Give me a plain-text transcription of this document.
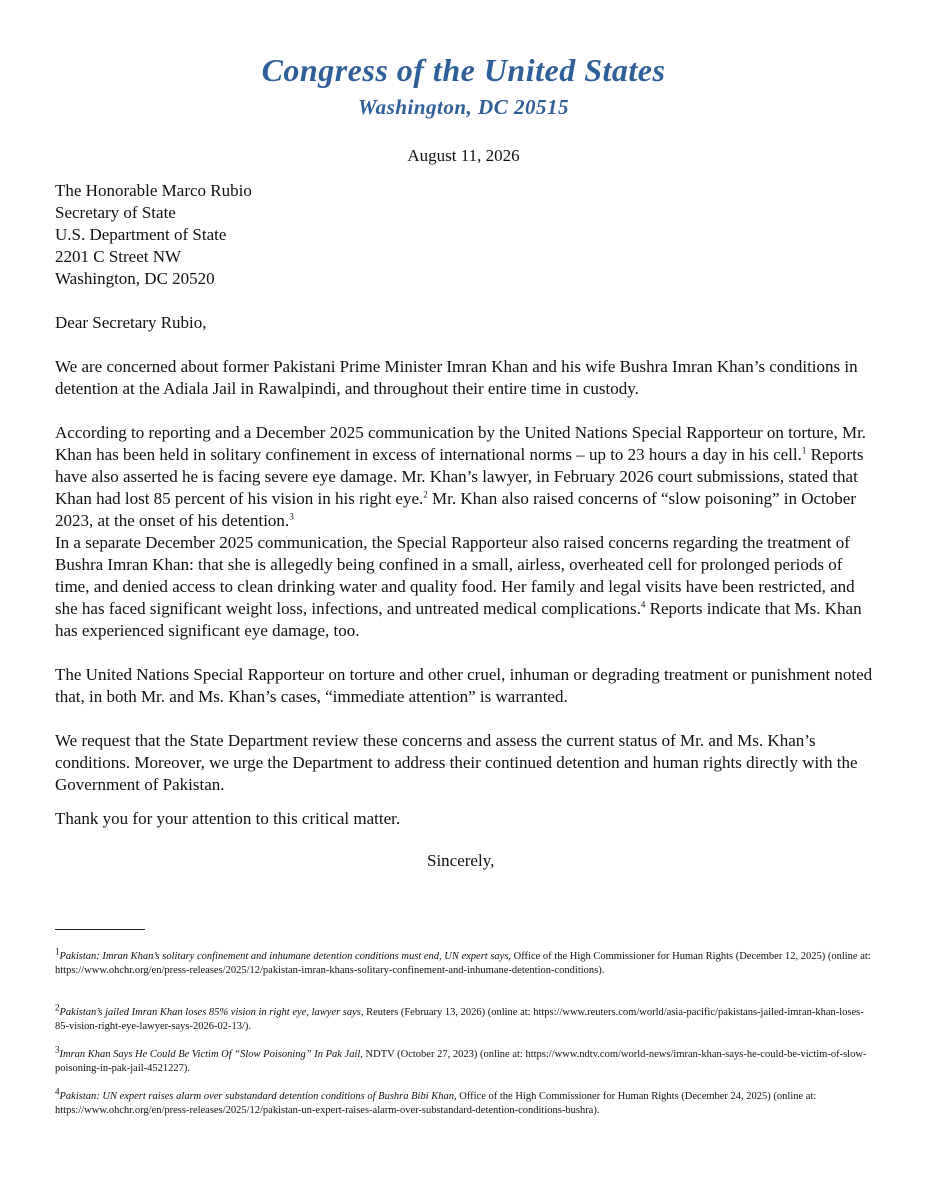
Congress of the United States
Washington, DC 20515
August 11, 2026
The Honorable Marco Rubio
Secretary of State
U.S. Department of State
2201 C Street NW
Washington, DC 20520
Dear Secretary Rubio,
We are concerned about former Pakistani Prime Minister Imran Khan and his wife Bushra Imran Khan’s conditions in detention at the Adiala Jail in Rawalpindi, and throughout their entire time in custody.
According to reporting and a December 2025 communication by the United Nations Special Rapporteur on torture, Mr. Khan has been held in solitary confinement in excess of international norms – up to 23 hours a day in his cell.$^1$ Reports have also asserted he is facing severe eye damage. Mr. Khan’s lawyer, in February 2026 court submissions, stated that Khan had lost 85 percent of his vision in his right eye.$^2$ Mr. Khan also raised concerns of “slow poisoning” in October 2023, at the onset of his detention.$^3$
In a separate December 2025 communication, the Special Rapporteur also raised concerns regarding the treatment of Bushra Imran Khan: that she is allegedly being confined in a small, airless, overheated cell for prolonged periods of time, and denied access to clean drinking water and quality food. Her family and legal visits have been restricted, and she has faced significant weight loss, infections, and untreated medical complications.$^4$ Reports indicate that Ms. Khan has experienced significant eye damage, too.
The United Nations Special Rapporteur on torture and other cruel, inhuman or degrading treatment or punishment noted that, in both Mr. and Ms. Khan’s cases, “immediate attention” is warranted.
We request that the State Department review these concerns and assess the current status of Mr. and Ms. Khan’s conditions. Moreover, we urge the Department to address their continued detention and human rights directly with the Government of Pakistan.
Thank you for your attention to this critical matter.
Sincerely,
$^1$Pakistan: Imran Khan’s solitary confinement and inhumane detention conditions must end, UN expert says, Office of the High Commissioner for Human Rights (December 12, 2025) (online at: https://www.ohchr.org/en/press-releases/2025/12/pakistan-imran-khans-solitary-confinement-and-inhumane-detention-conditions).
$^2$Pakistan’s jailed Imran Khan loses 85% vision in right eye, lawyer says, Reuters (February 13, 2026) (online at: https://www.reuters.com/world/asia-pacific/pakistans-jailed-imran-khan-loses-85-vision-right-eye-lawyer-says-2026-02-13/).
$^3$Imran Khan Says He Could Be Victim Of “Slow Poisoning” In Pak Jail, NDTV (October 27, 2023) (online at: https://www.ndtv.com/world-news/imran-khan-says-he-could-be-victim-of-slow-poisoning-in-pak-jail-4521227).
$^4$Pakistan: UN expert raises alarm over substandard detention conditions of Bushra Bibi Khan, Office of the High Commissioner for Human Rights (December 24, 2025) (online at: https://www.ohchr.org/en/press-releases/2025/12/pakistan-un-expert-raises-alarm-over-substandard-detention-conditions-bushra).
